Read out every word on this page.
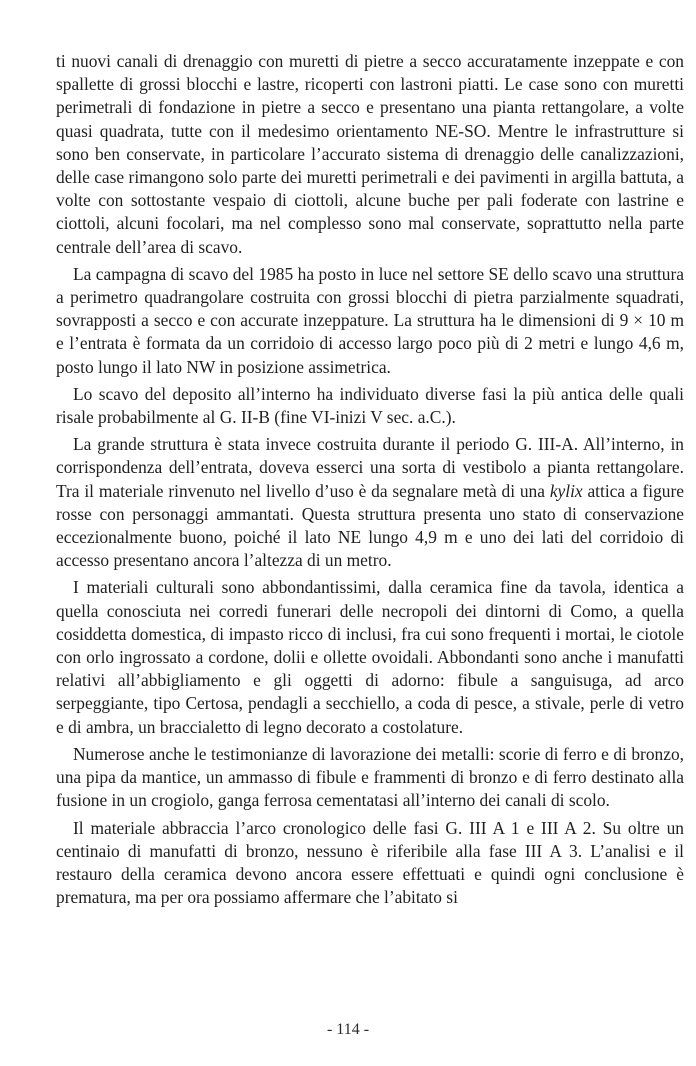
ti nuovi canali di drenaggio con muretti di pietre a secco accuratamente inzeppate e con spallette di grossi blocchi e lastre, ricoperti con lastroni piatti. Le case sono con muretti perimetrali di fondazione in pietre a secco e presentano una pianta rettangolare, a volte quasi quadrata, tutte con il medesimo orientamento NE-SO. Mentre le infrastrutture si sono ben conservate, in particolare l’accurato sistema di drenaggio delle canalizzazioni, delle case rimangono solo parte dei muretti perimetrali e dei pavimenti in argilla battuta, a volte con sottostante vespaio di ciottoli, alcune buche per pali foderate con lastrine e ciottoli, alcuni focolari, ma nel complesso sono mal conservate, soprattutto nella parte centrale dell’area di scavo.

La campagna di scavo del 1985 ha posto in luce nel settore SE dello scavo una struttura a perimetro quadrangolare costruita con grossi blocchi di pietra parzialmente squadrati, sovrapposti a secco e con accurate inzeppature. La struttura ha le dimensioni di 9 × 10 m e l’entrata è formata da un corridoio di accesso largo poco più di 2 metri e lungo 4,6 m, posto lungo il lato NW in posizione assimetrica.

Lo scavo del deposito all’interno ha individuato diverse fasi la più antica delle quali risale probabilmente al G. II-B (fine VI-inizi V sec. a.C.).

La grande struttura è stata invece costruita durante il periodo G. III-A. All’interno, in corrispondenza dell’entrata, doveva esserci una sorta di vestibolo a pianta rettangolare. Tra il materiale rinvenuto nel livello d’uso è da segnalare metà di una kylix attica a figure rosse con personaggi ammantati. Questa struttura presenta uno stato di conservazione eccezionalmente buono, poiché il lato NE lungo 4,9 m e uno dei lati del corridoio di accesso presentano ancora l’altezza di un metro.

I materiali culturali sono abbondantissimi, dalla ceramica fine da tavola, identica a quella conosciuta nei corredi funerari delle necropoli dei dintorni di Como, a quella cosiddetta domestica, di impasto ricco di inclusi, fra cui sono frequenti i mortai, le ciotole con orlo ingrossato a cordone, dolii e ollette ovoidali. Abbondanti sono anche i manufatti relativi all’abbigliamento e gli oggetti di adorno: fibule a sanguisuga, ad arco serpeggiante, tipo Certosa, pendagli a secchiello, a coda di pesce, a stivale, perle di vetro e di ambra, un braccialetto di legno decorato a costolature.

Numerose anche le testimonianze di lavorazione dei metalli: scorie di ferro e di bronzo, una pipa da mantice, un ammasso di fibule e frammenti di bronzo e di ferro destinato alla fusione in un crogiolo, ganga ferrosa cementatasi all’interno dei canali di scolo.

Il materiale abbraccia l’arco cronologico delle fasi G. III A 1 e III A 2. Su oltre un centinaio di manufatti di bronzo, nessuno è riferibile alla fase III A 3. L’analisi e il restauro della ceramica devono ancora essere effettuati e quindi ogni conclusione è prematura, ma per ora possiamo affermare che l’abitato si

- 114 -
